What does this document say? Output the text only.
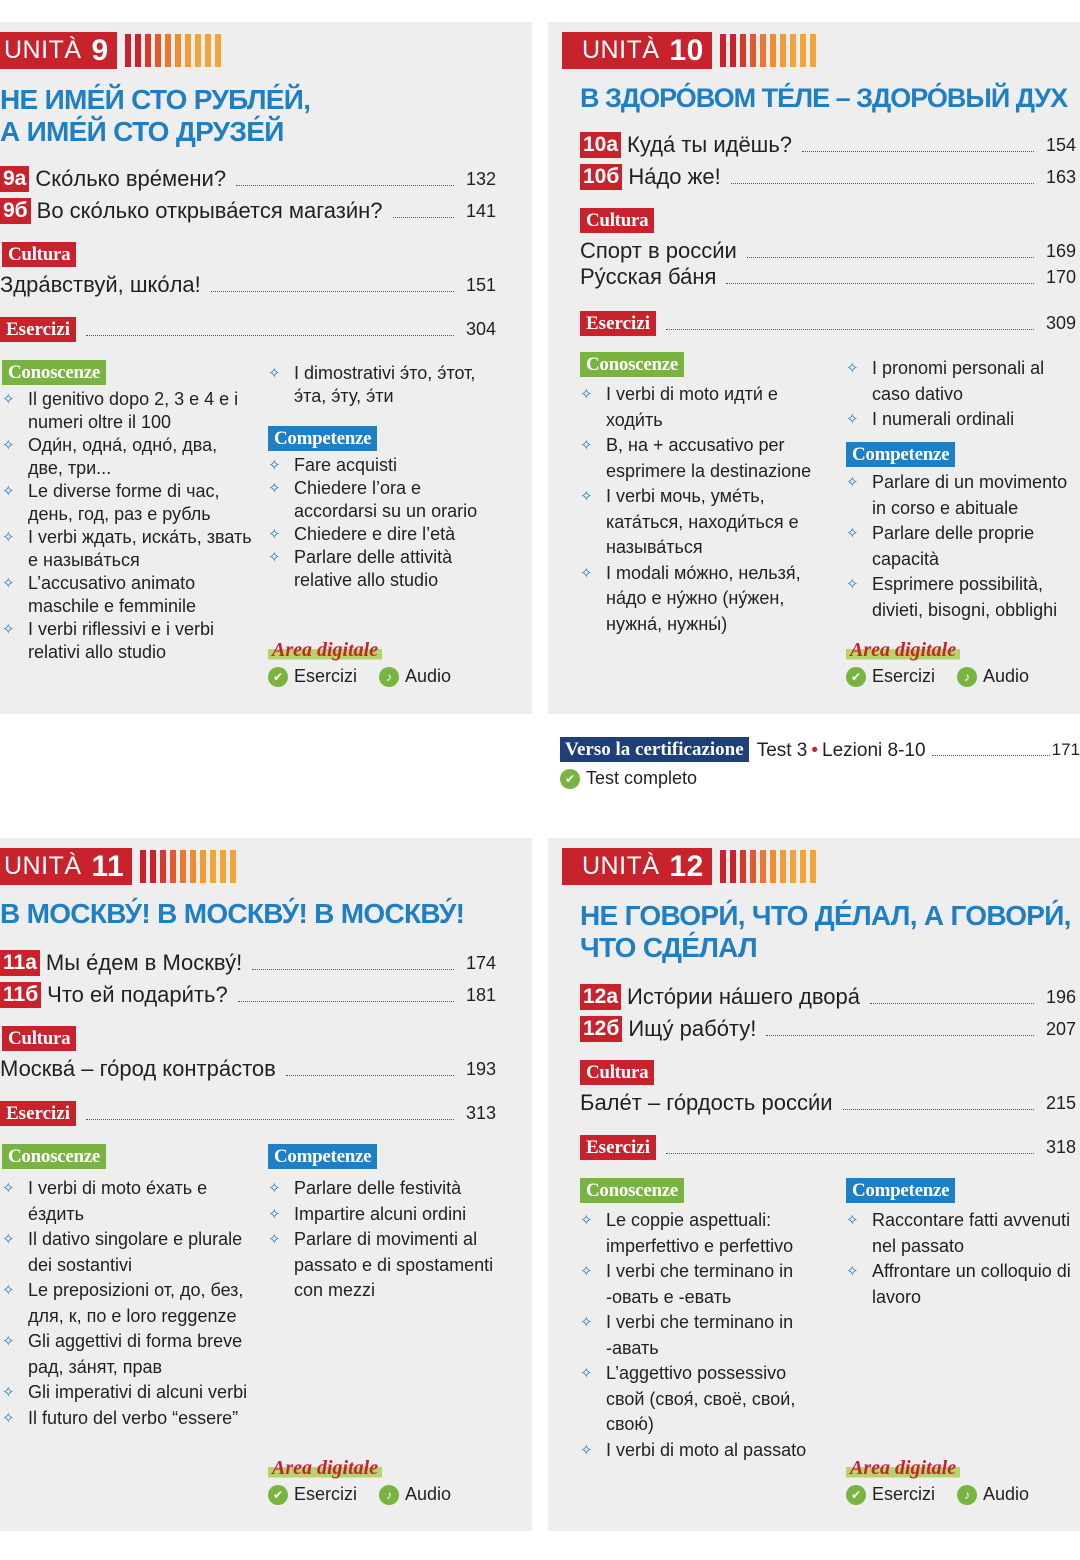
UNITÀ 9
НЕ ИМЕ́Й СТО РУБЛЕ́Й,
А ИМЕ́Й СТО ДРУЗЕ́Й
9а Ско́лько вре́мени?	132
9б Во ско́лько открыва́ется магази́н?	141
Cultura
Здра́вствуй, шко́ла!	151
Esercizi	304
Conoscenze
✧ Il genitivo dopo 2, 3 e 4 e i numeri oltre il 100
✧ Оди́н, одна́, одно́, два, две, три...
✧ Le diverse forme di час, день, год, раз e рубль
✧ I verbi ждать, иска́ть, звать e называ́ться
✧ L’accusativo animato maschile e femminile
✧ I verbi riflessivi e i verbi relativi allo studio
✧ I dimostrativi э́то, э́тот, э́та, э́ту, э́ти
Competenze
✧ Fare acquisti
✧ Chiedere l’ora e accordarsi su un orario
✧ Chiedere e dire l’età
✧ Parlare delle attività relative allo studio
Area digitale
✔ Esercizi	♪ Audio
UNITÀ 10
В ЗДОРО́ВОМ ТЕ́ЛЕ – ЗДОРО́ВЫЙ ДУХ
10а Куда́ ты идёшь?	154
10б На́до же!	163
Cultura
Спорт в росси́и	169
Ру́сская ба́ня	170
Esercizi	309
Conoscenze
✧ I verbi di moto идти́ e ходи́ть
✧ В, на + accusativo per esprimere la destinazione
✧ I verbi мочь, уме́ть, ката́ться, находи́ться e называ́ться
✧ I modali мо́жно, нельзя́, на́до e ну́жно (ну́жен, нужна́, нужны́)
✧ I pronomi personali al caso dativo
✧ I numerali ordinali
Competenze
✧ Parlare di un movimento in corso e abituale
✧ Parlare delle proprie capacità
✧ Esprimere possibilità, divieti, bisogni, obblighi
Area digitale
✔ Esercizi	♪ Audio
Verso la certificazione Test 3 • Lezioni 8-10	171
✔ Test completo
UNITÀ 11
В МОСКВУ́! В МОСКВУ́! В МОСКВУ́!
11а Мы е́дем в Москву́!	174
11б Что ей подари́ть?	181
Cultura
Москва́ – го́род контра́стов	193
Esercizi	313
Conoscenze
✧ I verbi di moto е́хать e е́здить
✧ Il dativo singolare e plurale dei sostantivi
✧ Le preposizioni от, до, без, для, к, по e loro reggenze
✧ Gli aggettivi di forma breve рад, за́нят, прав
✧ Gli imperativi di alcuni verbi
✧ Il futuro del verbo “essere”
Competenze
✧ Parlare delle festività
✧ Impartire alcuni ordini
✧ Parlare di movimenti al passato e di spostamenti con mezzi
Area digitale
✔ Esercizi	♪ Audio
UNITÀ 12
НЕ ГОВОРИ́, ЧТО ДЕ́ЛАЛ, А ГОВОРИ́,
ЧТО СДЕ́ЛАЛ
12а Исто́рии на́шего двора́	196
12б Ищу́ рабо́ту!	207
Cultura
Бале́т – го́рдость росси́и	215
Esercizi	318
Conoscenze
✧ Le coppie aspettuali: imperfettivo e perfettivo
✧ I verbi che terminano in -овать e -евать
✧ I verbi che terminano in -авать
✧ L’aggettivo possessivo свой (своя́, своё, свои́, свою́)
✧ I verbi di moto al passato
Competenze
✧ Raccontare fatti avvenuti nel passato
✧ Affrontare un colloquio di lavoro
Area digitale
✔ Esercizi	♪ Audio
